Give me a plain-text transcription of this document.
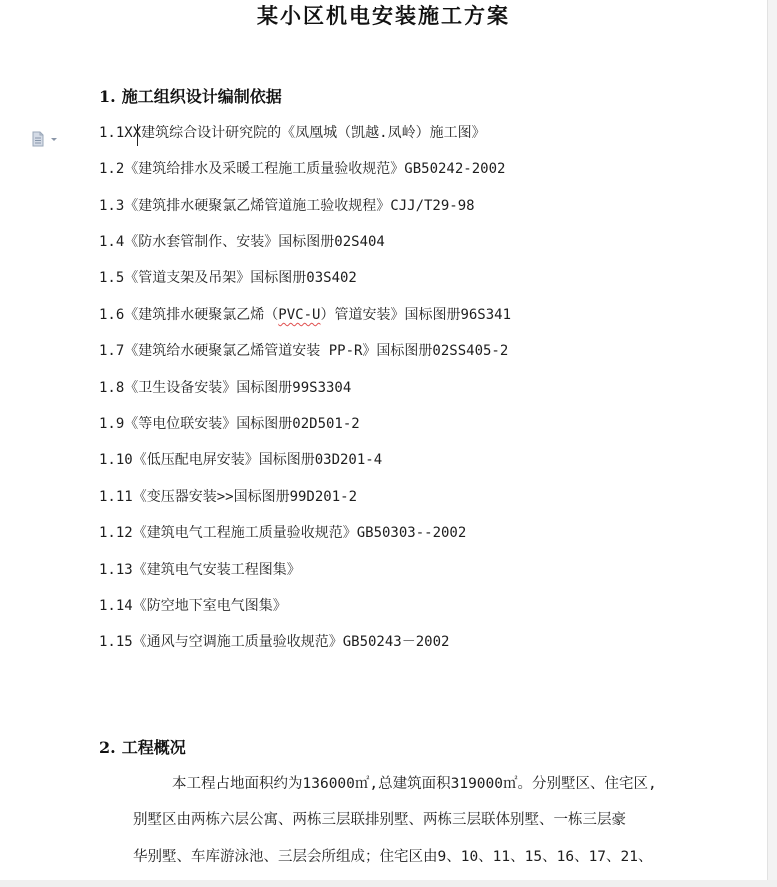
某小区机电安装施工方案
1. 施工组织设计编制依据
1.1XX建筑综合设计研究院的《凤凰城（凯越.凤岭）施工图》
1.2《建筑给排水及采暖工程施工质量验收规范》GB50242-2002
1.3《建筑排水硬聚氯乙烯管道施工验收规程》CJJ/T29-98
1.4《防水套管制作、安装》国标图册02S404
1.5《管道支架及吊架》国标图册03S402
1.6《建筑排水硬聚氯乙烯（PVC-U）管道安装》国标图册96S341
1.7《建筑给水硬聚氯乙烯管道安装 PP-R》国标图册02SS405-2
1.8《卫生设备安装》国标图册99S3304
1.9《等电位联安装》国标图册02D501-2
1.10《低压配电屏安装》国标图册03D201-4
1.11《变压器安装>>国标图册99D201-2
1.12《建筑电气工程施工质量验收规范》GB50303--2002
1.13《建筑电气安装工程图集》
1.14《防空地下室电气图集》
1.15《通风与空调施工质量验收规范》GB50243－2002
2. 工程概况
本工程占地面积约为136000㎡,总建筑面积319000㎡。分别墅区、住宅区,
别墅区由两栋六层公寓、两栋三层联排别墅、两栋三层联体别墅、一栋三层豪
华别墅、车库游泳池、三层会所组成；住宅区由9、10、11、15、16、17、21、
